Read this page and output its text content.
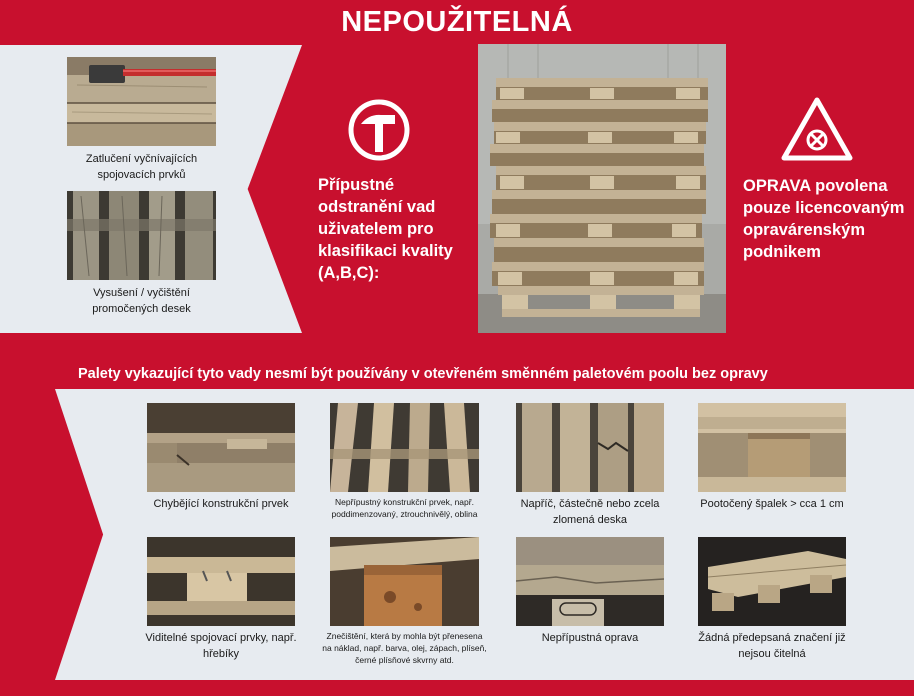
NEPOUŽITELNÁ
Zatlučení vyčnívajících spojovacích prvků
Vysušení / vyčištění promočených desek
Přípustné odstranění vad uživatelem pro klasifikaci kvality (A,B,C):
OPRAVA povolena pouze licencovaným opravárenským podnikem
Palety vykazující tyto vady nesmí být používány v otevřeném směnném paletovém poolu bez opravy
Chybějící konstrukční prvek	Nepřípustný konstrukční prvek, např. poddimenzovaný, ztrouchnivělý, oblina
Napříč, částečně nebo zcela zlomená deska
Pootočený špalek > cca 1 cm
Viditelné spojovací prvky, např. hřebíky
Znečištění, která by mohla být přenesena na náklad, např. barva, olej, zápach, plíseň, černé plísňové skvrny atd.
Nepřípustná oprava	Žádná předepsaná značení již nejsou čitelná
